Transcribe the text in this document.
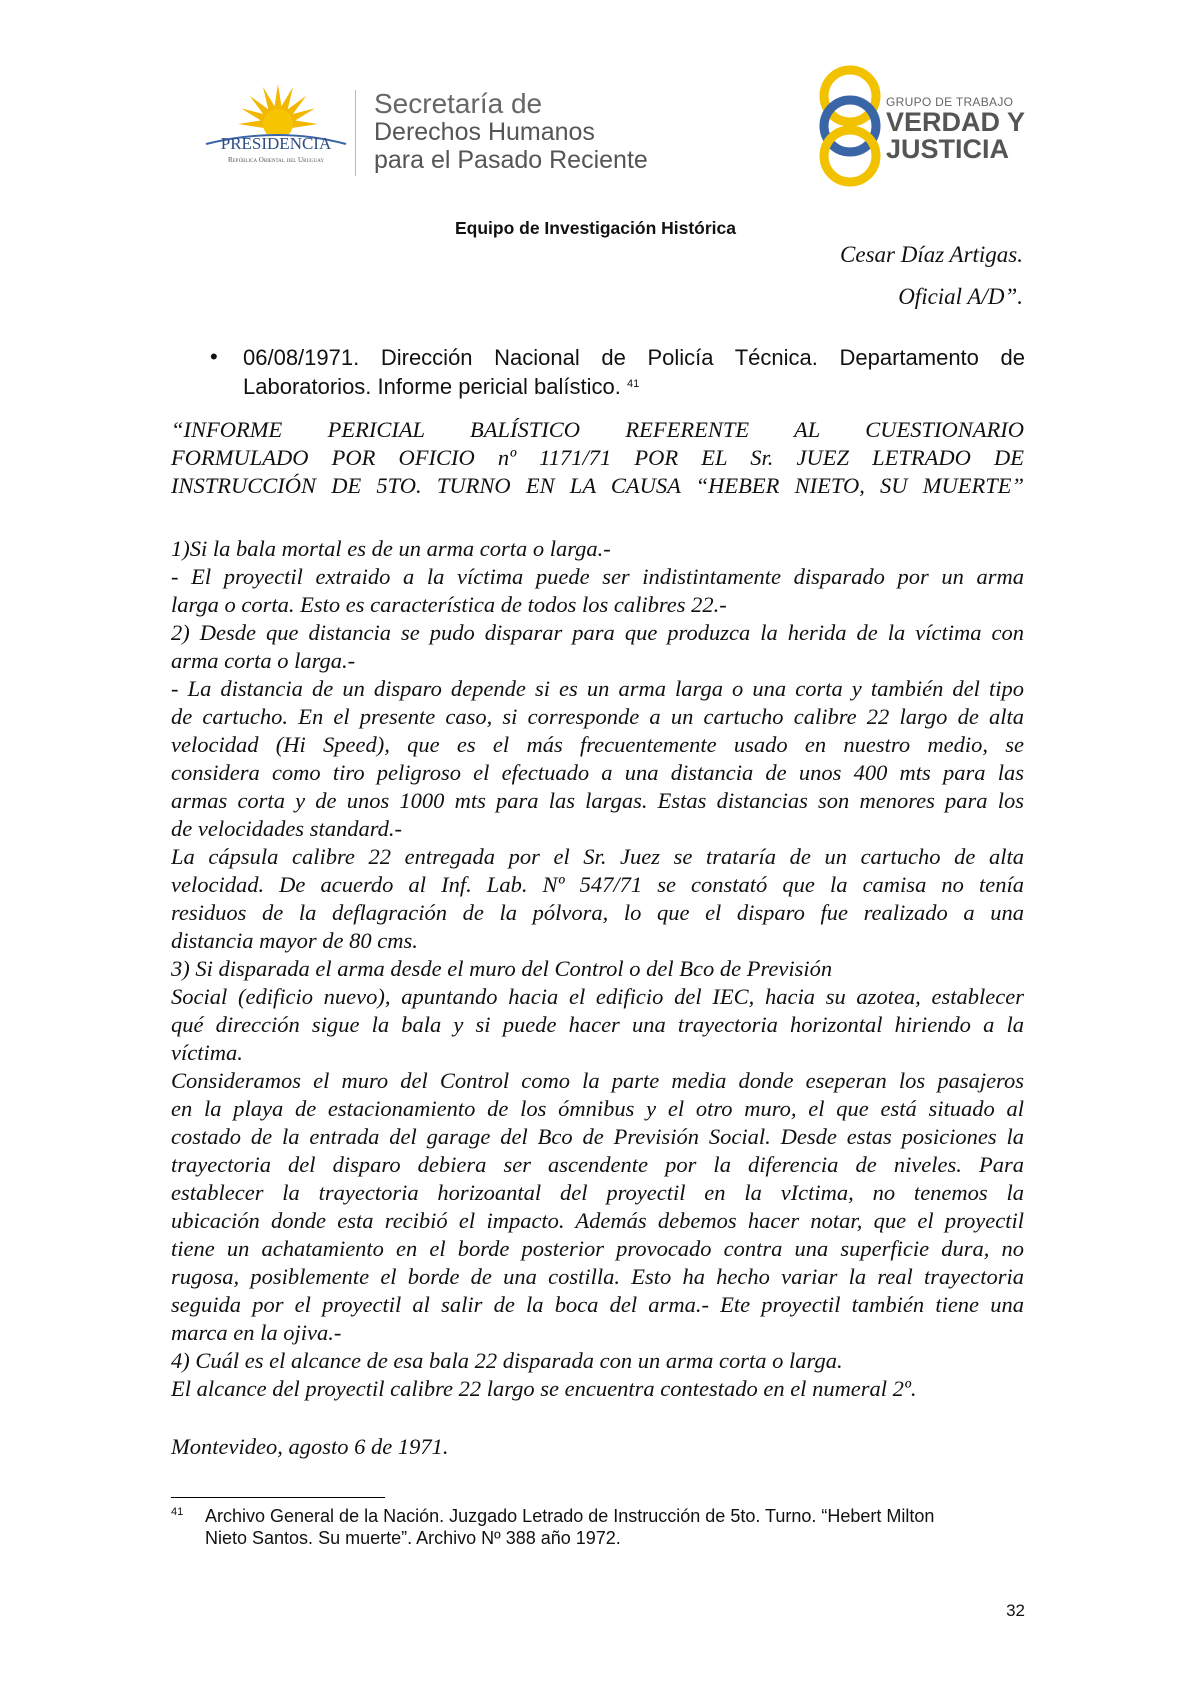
PRESIDENCIA
República Oriental del Uruguay
Secretaría de
Derechos Humanos
para el Pasado Reciente
GRUPO DE TRABAJO
VERDAD Y
JUSTICIA
Equipo de Investigación Histórica
Cesar Díaz Artigas.
Oficial A/D”.
• 06/08/1971. Dirección Nacional de Policía Técnica. Departamento de
Laboratorios. Informe pericial balístico. $^{41}$
“INFORME PERICIAL BALÍSTICO REFERENTE AL CUESTIONARIO
FORMULADO POR OFICIO nº 1171/71 POR EL Sr. JUEZ LETRADO DE
INSTRUCCIÓN DE 5TO. TURNO EN LA CAUSA “HEBER NIETO, SU MUERTE”
1)Si la bala mortal es de un arma corta o larga.-
- El proyectil extraido a la víctima puede ser indistintamente disparado por un arma
larga o corta. Esto es característica de todos los calibres 22.-
2) Desde que distancia se pudo disparar para que produzca la herida de la víctima con
arma corta o larga.-
- La distancia de un disparo depende si es un arma larga o una corta y también del tipo
de cartucho. En el presente caso, si corresponde a un cartucho calibre 22 largo de alta
velocidad (Hi Speed), que es el más frecuentemente usado en nuestro medio, se
considera como tiro peligroso el efectuado a una distancia de unos 400 mts para las
armas corta y de unos 1000 mts para las largas. Estas distancias son menores para los
de velocidades standard.-
La cápsula calibre 22 entregada por el Sr. Juez se trataría de un cartucho de alta
velocidad. De acuerdo al Inf. Lab. Nº 547/71 se constató que la camisa no tenía
residuos de la deflagración de la pólvora, lo que el disparo fue realizado a una
distancia mayor de 80 cms.
3) Si disparada el arma desde el muro del Control o del Bco de Previsión
Social (edificio nuevo), apuntando hacia el edificio del IEC, hacia su azotea, establecer
qué dirección sigue la bala y si puede hacer una trayectoria horizontal hiriendo a la
víctima.
Consideramos el muro del Control como la parte media donde eseperan los pasajeros
en la playa de estacionamiento de los ómnibus y el otro muro, el que está situado al
costado de la entrada del garage del Bco de Previsión Social. Desde estas posiciones la
trayectoria del disparo debiera ser ascendente por la diferencia de niveles. Para
establecer la trayectoria horizoantal del proyectil en la vIctima, no tenemos la
ubicación donde esta recibió el impacto. Además debemos hacer notar, que el proyectil
tiene un achatamiento en el borde posterior provocado contra una superficie dura, no
rugosa, posiblemente el borde de una costilla. Esto ha hecho variar la real trayectoria
seguida por el proyectil al salir de la boca del arma.- Ete proyectil también tiene una
marca en la ojiva.-
4) Cuál es el alcance de esa bala 22 disparada con un arma corta o larga.
El alcance del proyectil calibre 22 largo se encuentra contestado en el numeral 2º.
Montevideo, agosto 6 de 1971.
41 Archivo General de la Nación. Juzgado Letrado de Instrucción de 5to. Turno. “Hebert Milton
Nieto Santos. Su muerte”. Archivo Nº 388 año 1972.
32
